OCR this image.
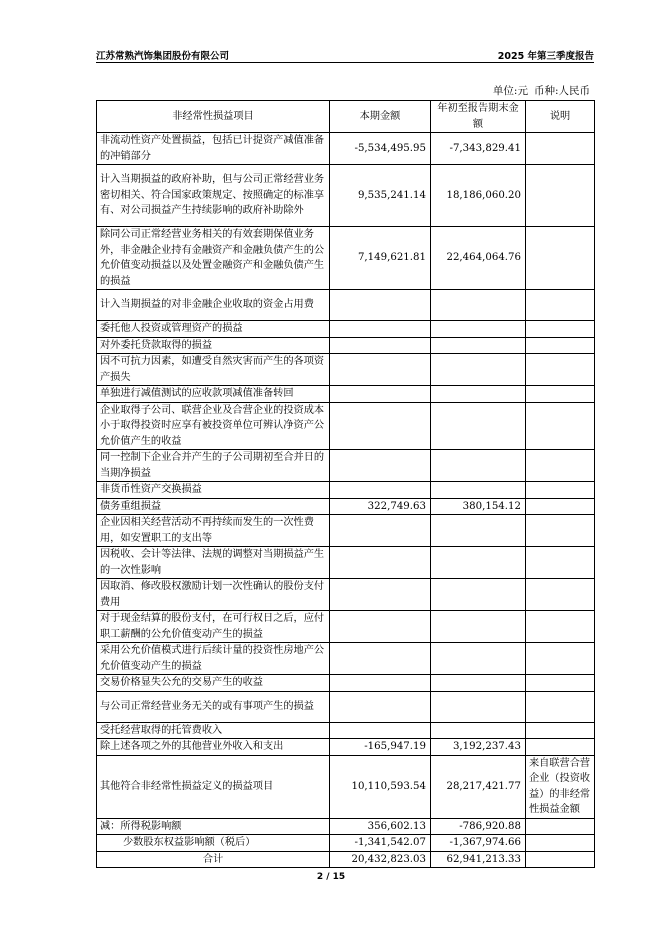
江苏常熟汽饰集团股份有限公司	2025 年第三季度报告
单位:元 币种:人民币
非经常性损益项目	本期金额	年初至报告期末金额	说明
非流动性资产处置损益，包括已计提资产减值准备的冲销部分	-5,534,495.95	-7,343,829.41	
计入当期损益的政府补助，但与公司正常经营业务密切相关、符合国家政策规定、按照确定的标准享有、对公司损益产生持续影响的政府补助除外	9,535,241.14	18,186,060.20	
除同公司正常经营业务相关的有效套期保值业务外，非金融企业持有金融资产和金融负债产生的公允价值变动损益以及处置金融资产和金融负债产生的损益	7,149,621.81	22,464,064.76	
计入当期损益的对非金融企业收取的资金占用费			
委托他人投资或管理资产的损益			
对外委托贷款取得的损益			
因不可抗力因素，如遭受自然灾害而产生的各项资产损失			
单独进行减值测试的应收款项减值准备转回			
企业取得子公司、联营企业及合营企业的投资成本小于取得投资时应享有被投资单位可辨认净资产公允价值产生的收益			
同一控制下企业合并产生的子公司期初至合并日的当期净损益			
非货币性资产交换损益			
债务重组损益	322,749.63	380,154.12	
企业因相关经营活动不再持续而发生的一次性费用，如安置职工的支出等			
因税收、会计等法律、法规的调整对当期损益产生的一次性影响			
因取消、修改股权激励计划一次性确认的股份支付费用			
对于现金结算的股份支付，在可行权日之后，应付职工薪酬的公允价值变动产生的损益			
采用公允价值模式进行后续计量的投资性房地产公允价值变动产生的损益			
交易价格显失公允的交易产生的收益			
与公司正常经营业务无关的或有事项产生的损益			
受托经营取得的托管费收入			
除上述各项之外的其他营业外收入和支出	-165,947.19	3,192,237.43	
其他符合非经常性损益定义的损益项目	10,110,593.54	28,217,421.77	来自联营合营企业（投资收益）的非经常性损益金额
减：所得税影响额	356,602.13	-786,920.88	
少数股东权益影响额（税后）	-1,341,542.07	-1,367,974.66	
合计	20,432,823.03	62,941,213.33	
2 / 15
